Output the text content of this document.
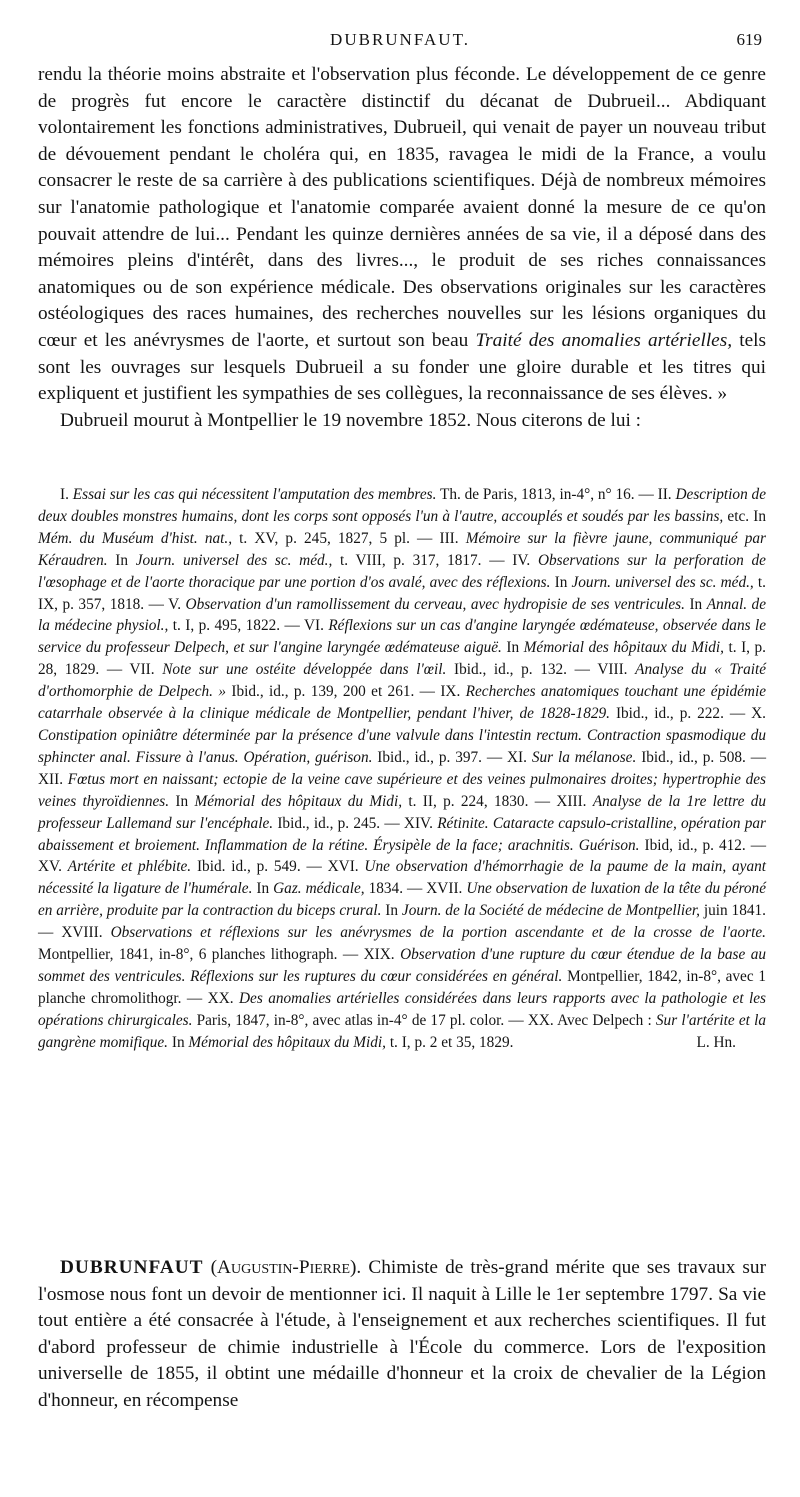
DUBRUNFAUT.	619

rendu la théorie moins abstraite et l'observation plus féconde. Le développement de ce genre de progrès fut encore le caractère distinctif du décanat de Dubrueil... Abdiquant volontairement les fonctions administratives, Dubrueil, qui venait de payer un nouveau tribut de dévouement pendant le choléra qui, en 1835, ravagea le midi de la France, a voulu consacrer le reste de sa carrière à des publications scientifiques. Déjà de nombreux mémoires sur l'anatomie pathologique et l'anatomie comparée avaient donné la mesure de ce qu'on pouvait attendre de lui... Pendant les quinze dernières années de sa vie, il a déposé dans des mémoires pleins d'intérêt, dans des livres..., le produit de ses riches connaissances anatomiques ou de son expérience médicale. Des observations originales sur les caractères ostéologiques des races humaines, des recherches nouvelles sur les lésions organiques du cœur et les anévrysmes de l'aorte, et surtout son beau Traité des anomalies artérielles, tels sont les ouvrages sur lesquels Dubrueil a su fonder une gloire durable et les titres qui expliquent et justifient les sympathies de ses collègues, la reconnaissance de ses élèves. »
Dubrueil mourut à Montpellier le 19 novembre 1852. Nous citerons de lui :

I. Essai sur les cas qui nécessitent l'amputation des membres. Th. de Paris, 1813, in-4°, n° 16. — II. Description de deux doubles monstres humains, dont les corps sont opposés l'un à l'autre, accouplés et soudés par les bassins, etc. In Mém. du Muséum d'hist. nat., t. XV, p. 245, 1827, 5 pl. — III. Mémoire sur la fièvre jaune, communiqué par Kéraudren. In Journ. universel des sc. méd., t. VIII, p. 317, 1817. — IV. Observations sur la perforation de l'œsophage et de l'aorte thoracique par une portion d'os avalé, avec des réflexions. In Journ. universel des sc. méd., t. IX, p. 357, 1818. — V. Observation d'un ramollissement du cerveau, avec hydropisie de ses ventricules. In Annal. de la médecine physiol., t. I, p. 495, 1822. — VI. Réflexions sur un cas d'angine laryngée œdémateuse, observée dans le service du professeur Delpech, et sur l'angine laryngée œdémateuse aiguë. In Mémorial des hôpitaux du Midi, t. I, p. 28, 1829. — VII. Note sur une ostéite développée dans l'œil. Ibid., id., p. 132. — VIII. Analyse du « Traité d'orthomorphie de Delpech. » Ibid., id., p. 139, 200 et 261. — IX. Recherches anatomiques touchant une épidémie catarrhale observée à la clinique médicale de Montpellier, pendant l'hiver, de 1828-1829. Ibid., id., p. 222. — X. Constipation opiniâtre déterminée par la présence d'une valvule dans l'intestin rectum. Contraction spasmodique du sphincter anal. Fissure à l'anus. Opération, guérison. Ibid., id., p. 397. — XI. Sur la mélanose. Ibid., id., p. 508. — XII. Fœtus mort en naissant; ectopie de la veine cave supérieure et des veines pulmonaires droites; hypertrophie des veines thyroïdiennes. In Mémorial des hôpitaux du Midi, t. II, p. 224, 1830. — XIII. Analyse de la 1re lettre du professeur Lallemand sur l'encéphale. Ibid., id., p. 245. — XIV. Rétinite. Cataracte capsulo-cristalline, opération par abaissement et broiement. Inflammation de la rétine. Érysipèle de la face; arachnitis. Guérison. Ibid, id., p. 412. — XV. Artérite et phlébite. Ibid. id., p. 549. — XVI. Une observation d'hémorrhagie de la paume de la main, ayant nécessité la ligature de l'humérale. In Gaz. médicale, 1834. — XVII. Une observation de luxation de la tête du péroné en arrière, produite par la contraction du biceps crural. In Journ. de la Société de médecine de Montpellier, juin 1841. — XVIII. Observations et réflexions sur les anévrysmes de la portion ascendante et de la crosse de l'aorte. Montpellier, 1841, in-8°, 6 planches lithograph. — XIX. Observation d'une rupture du cœur étendue de la base au sommet des ventricules. Réflexions sur les ruptures du cœur considérées en général. Montpellier, 1842, in-8°, avec 1 planche chromolithogr. — XX. Des anomalies artérielles considérées dans leurs rapports avec la pathologie et les opérations chirurgicales. Paris, 1847, in-8°, avec atlas in-4° de 17 pl. color. — XX. Avec Delpech : Sur l'artérite et la gangrène momifique. In Mémorial des hôpitaux du Midi, t. I, p. 2 et 35, 1829.	L. Hn.

DUBRUNFAUT (Augustin-Pierre). Chimiste de très-grand mérite que ses travaux sur l'osmose nous font un devoir de mentionner ici. Il naquit à Lille le 1er septembre 1797. Sa vie tout entière a été consacrée à l'étude, à l'enseignement et aux recherches scientifiques. Il fut d'abord professeur de chimie industrielle à l'École du commerce. Lors de l'exposition universelle de 1855, il obtint une médaille d'honneur et la croix de chevalier de la Légion d'honneur, en récompense
